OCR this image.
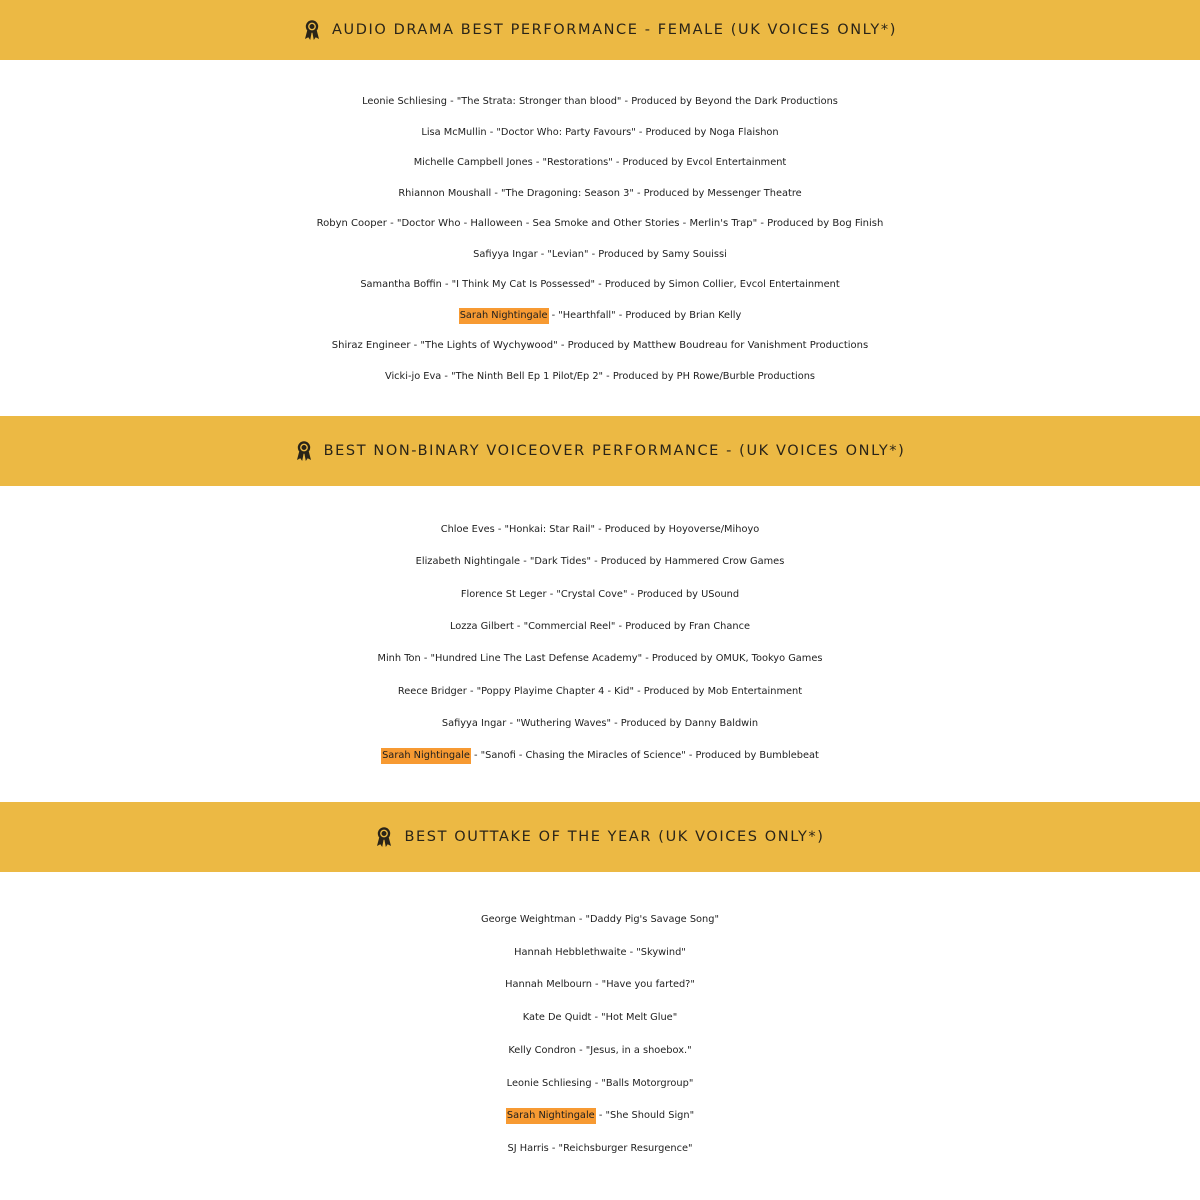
AUDIO DRAMA BEST PERFORMANCE - FEMALE (UK VOICES ONLY*)
Leonie Schliesing - "The Strata: Stronger than blood" - Produced by Beyond the Dark Productions
Lisa McMullin - "Doctor Who: Party Favours" - Produced by Noga Flaishon
Michelle Campbell Jones - "Restorations" - Produced by Evcol Entertainment
Rhiannon Moushall - "The Dragoning: Season 3" - Produced by Messenger Theatre
Robyn Cooper - "Doctor Who - Halloween - Sea Smoke and Other Stories - Merlin's Trap" - Produced by Bog Finish
Safiyya Ingar - "Levian" - Produced by Samy Souissi
Samantha Boffin - "I Think My Cat Is Possessed" - Produced by Simon Collier, Evcol Entertainment
Sarah Nightingale - "Hearthfall" - Produced by Brian Kelly
Shiraz Engineer - "The Lights of Wychywood" - Produced by Matthew Boudreau for Vanishment Productions
Vicki-jo Eva - "The Ninth Bell Ep 1 Pilot/Ep 2" - Produced by PH Rowe/Burble Productions
BEST NON-BINARY VOICEOVER PERFORMANCE - (UK VOICES ONLY*)
Chloe Eves - "Honkai: Star Rail" - Produced by Hoyoverse/Mihoyo
Elizabeth Nightingale - "Dark Tides" - Produced by Hammered Crow Games
Florence St Leger - "Crystal Cove" - Produced by USound
Lozza Gilbert - "Commercial Reel" - Produced by Fran Chance
Minh Ton - "Hundred Line The Last Defense Academy" - Produced by OMUK, Tookyo Games
Reece Bridger - "Poppy Playime Chapter 4 - Kid" - Produced by Mob Entertainment
Safiyya Ingar - "Wuthering Waves" - Produced by Danny Baldwin
Sarah Nightingale - "Sanofi - Chasing the Miracles of Science" - Produced by Bumblebeat
BEST OUTTAKE OF THE YEAR (UK VOICES ONLY*)
George Weightman - "Daddy Pig's Savage Song"
Hannah Hebblethwaite - "Skywind"
Hannah Melbourn - "Have you farted?"
Kate De Quidt - "Hot Melt Glue"
Kelly Condron - "Jesus, in a shoebox."
Leonie Schliesing - "Balls Motorgroup"
Sarah Nightingale - "She Should Sign"
SJ Harris - "Reichsburger Resurgence"
